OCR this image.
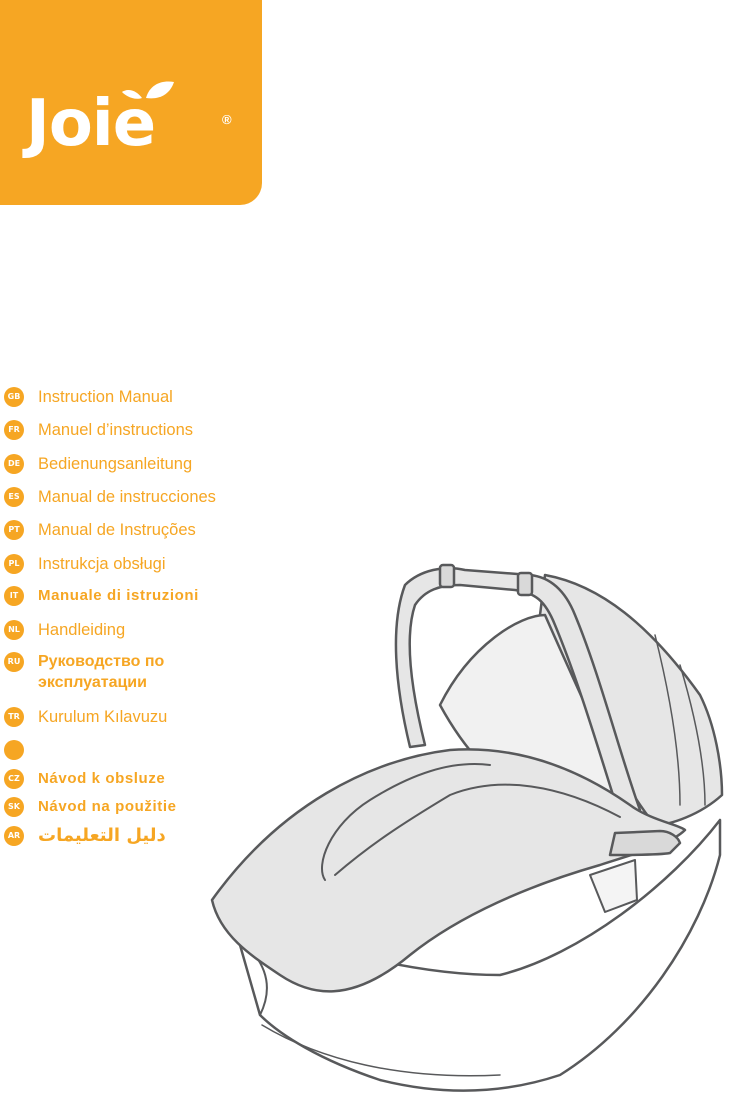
Joie	®
GB Instruction Manual
FR Manuel d’instructions
DE Bedienungsanleitung
ES Manual de instrucciones
PT Manual de Instruções
PL Instrukcja obsługi
IT	Manuale di istruzioni
NL Handleiding
RU Руководство по
эксплуатации
TR Kurulum Kılavuzu
CZ Návod k obsluze
SK Návod na použitie
AR دليل التعليمات
